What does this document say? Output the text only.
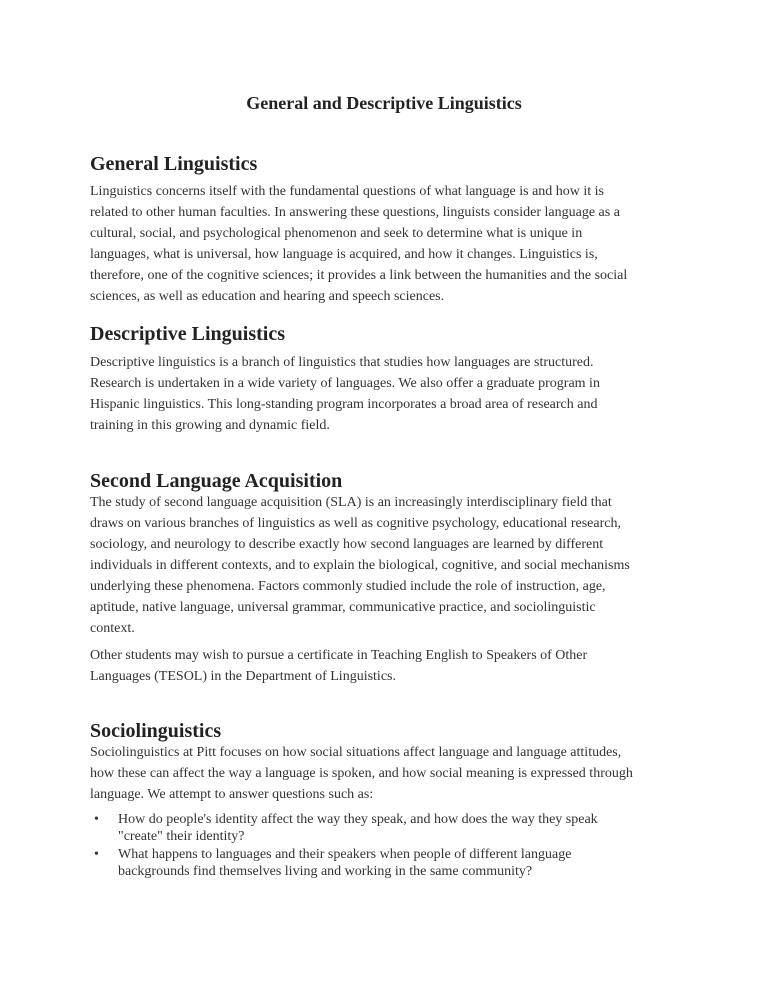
General and Descriptive Linguistics
General Linguistics
Linguistics concerns itself with the fundamental questions of what language is and how it is
related to other human faculties. In answering these questions, linguists consider language as a
cultural, social, and psychological phenomenon and seek to determine what is unique in
languages, what is universal, how language is acquired, and how it changes. Linguistics is,
therefore, one of the cognitive sciences; it provides a link between the humanities and the social
sciences, as well as education and hearing and speech sciences.
Descriptive Linguistics
Descriptive linguistics is a branch of linguistics that studies how languages are structured.
Research is undertaken in a wide variety of languages. We also offer a graduate program in
Hispanic linguistics. This long-standing program incorporates a broad area of research and
training in this growing and dynamic field.
Second Language Acquisition
The study of second language acquisition (SLA) is an increasingly interdisciplinary field that
draws on various branches of linguistics as well as cognitive psychology, educational research,
sociology, and neurology to describe exactly how second languages are learned by different
individuals in different contexts, and to explain the biological, cognitive, and social mechanisms
underlying these phenomena. Factors commonly studied include the role of instruction, age,
aptitude, native language, universal grammar, communicative practice, and sociolinguistic
context.
Other students may wish to pursue a certificate in Teaching English to Speakers of Other
Languages (TESOL) in the Department of Linguistics.
Sociolinguistics
Sociolinguistics at Pitt focuses on how social situations affect language and language attitudes,
how these can affect the way a language is spoken, and how social meaning is expressed through
language. We attempt to answer questions such as:
• How do people's identity affect the way they speak, and how does the way they speak
"create" their identity?
• What happens to languages and their speakers when people of different language
backgrounds find themselves living and working in the same community?
